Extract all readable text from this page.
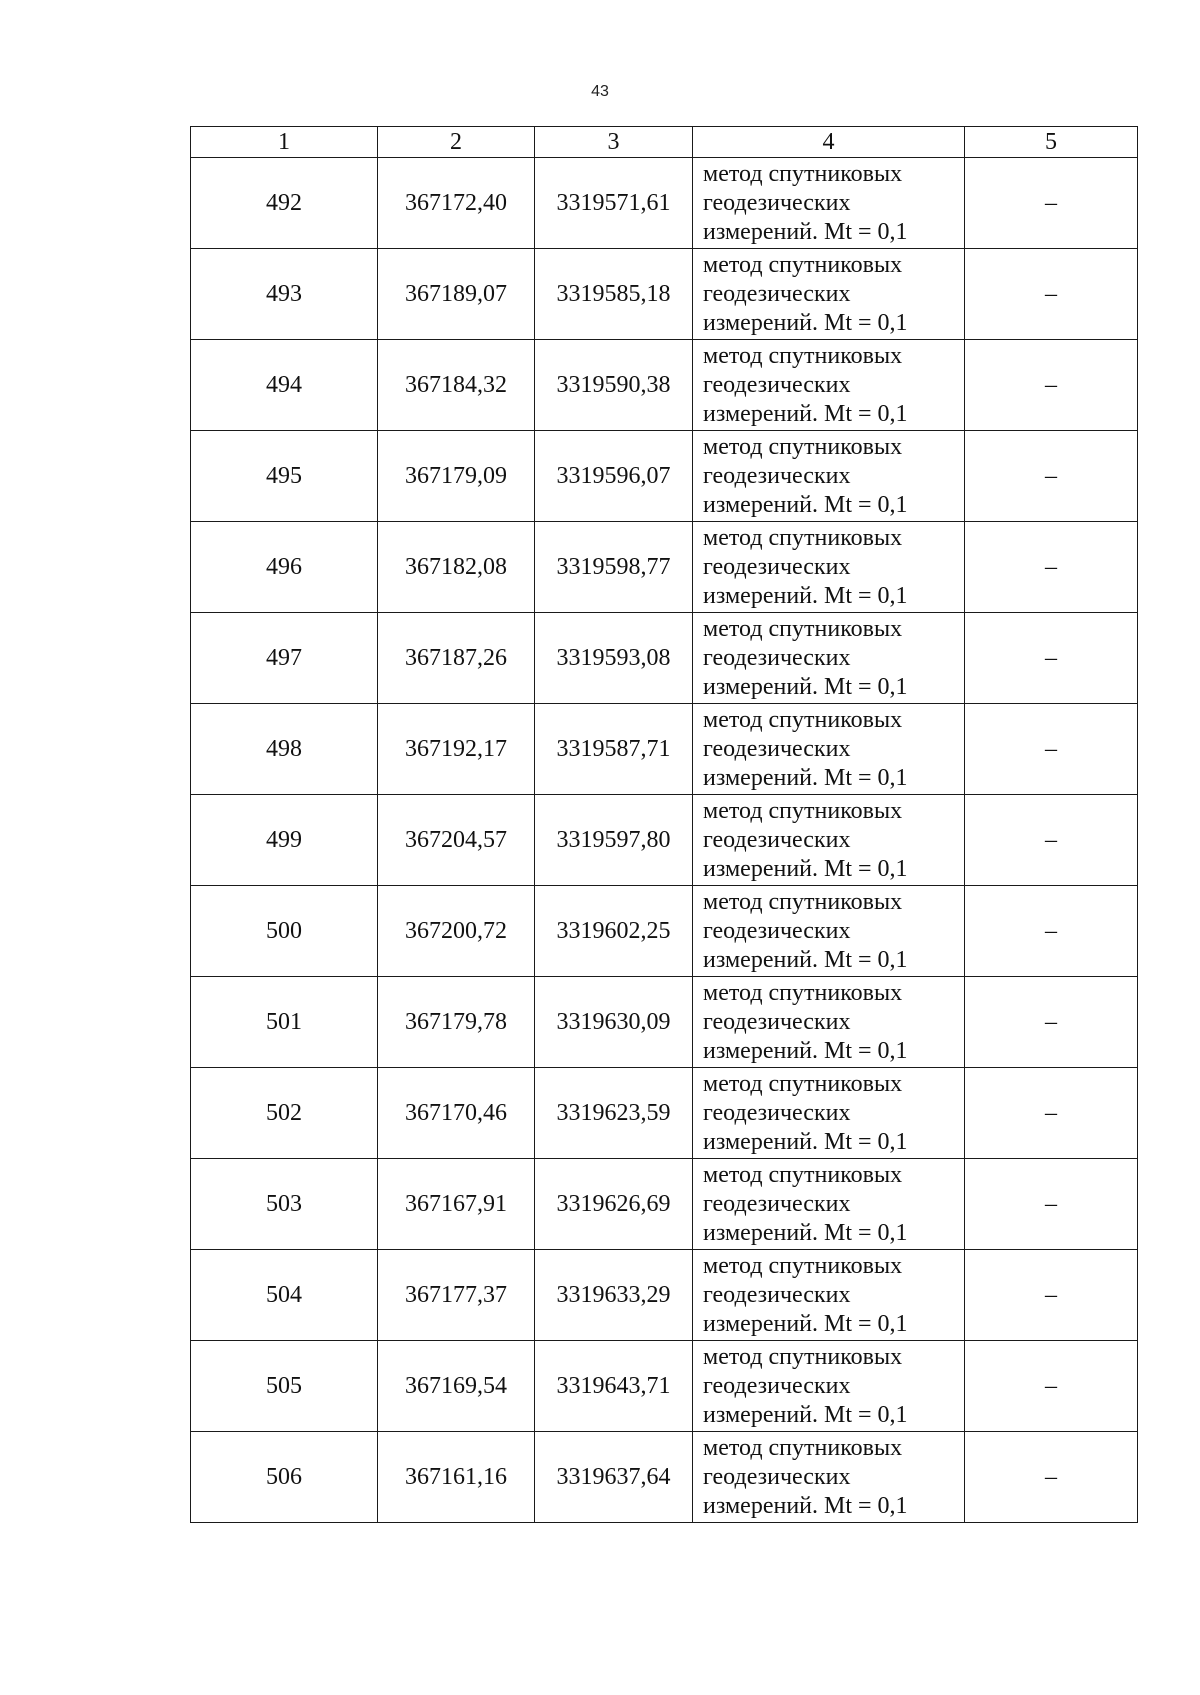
43
1	2	3	4	5
492	367172,40	3319571,61	метод спутниковых
геодезических
измерений. Mt = 0,1	–
493	367189,07	3319585,18	метод спутниковых
геодезических
измерений. Mt = 0,1	–
494	367184,32	3319590,38	метод спутниковых
геодезических
измерений. Mt = 0,1	–
495	367179,09	3319596,07	метод спутниковых
геодезических
измерений. Mt = 0,1	–
496	367182,08	3319598,77	метод спутниковых
геодезических
измерений. Mt = 0,1	–
497	367187,26	3319593,08	метод спутниковых
геодезических
измерений. Mt = 0,1	–
498	367192,17	3319587,71	метод спутниковых
геодезических
измерений. Mt = 0,1	–
499	367204,57	3319597,80	метод спутниковых
геодезических
измерений. Mt = 0,1	–
500	367200,72	3319602,25	метод спутниковых
геодезических
измерений. Mt = 0,1	–
501	367179,78	3319630,09	метод спутниковых
геодезических
измерений. Mt = 0,1	–
502	367170,46	3319623,59	метод спутниковых
геодезических
измерений. Mt = 0,1	–
503	367167,91	3319626,69	метод спутниковых
геодезических
измерений. Mt = 0,1	–
504	367177,37	3319633,29	метод спутниковых
геодезических
измерений. Mt = 0,1	–
505	367169,54	3319643,71	метод спутниковых
геодезических
измерений. Mt = 0,1	–
506	367161,16	3319637,64	метод спутниковых
геодезических
измерений. Mt = 0,1	–
